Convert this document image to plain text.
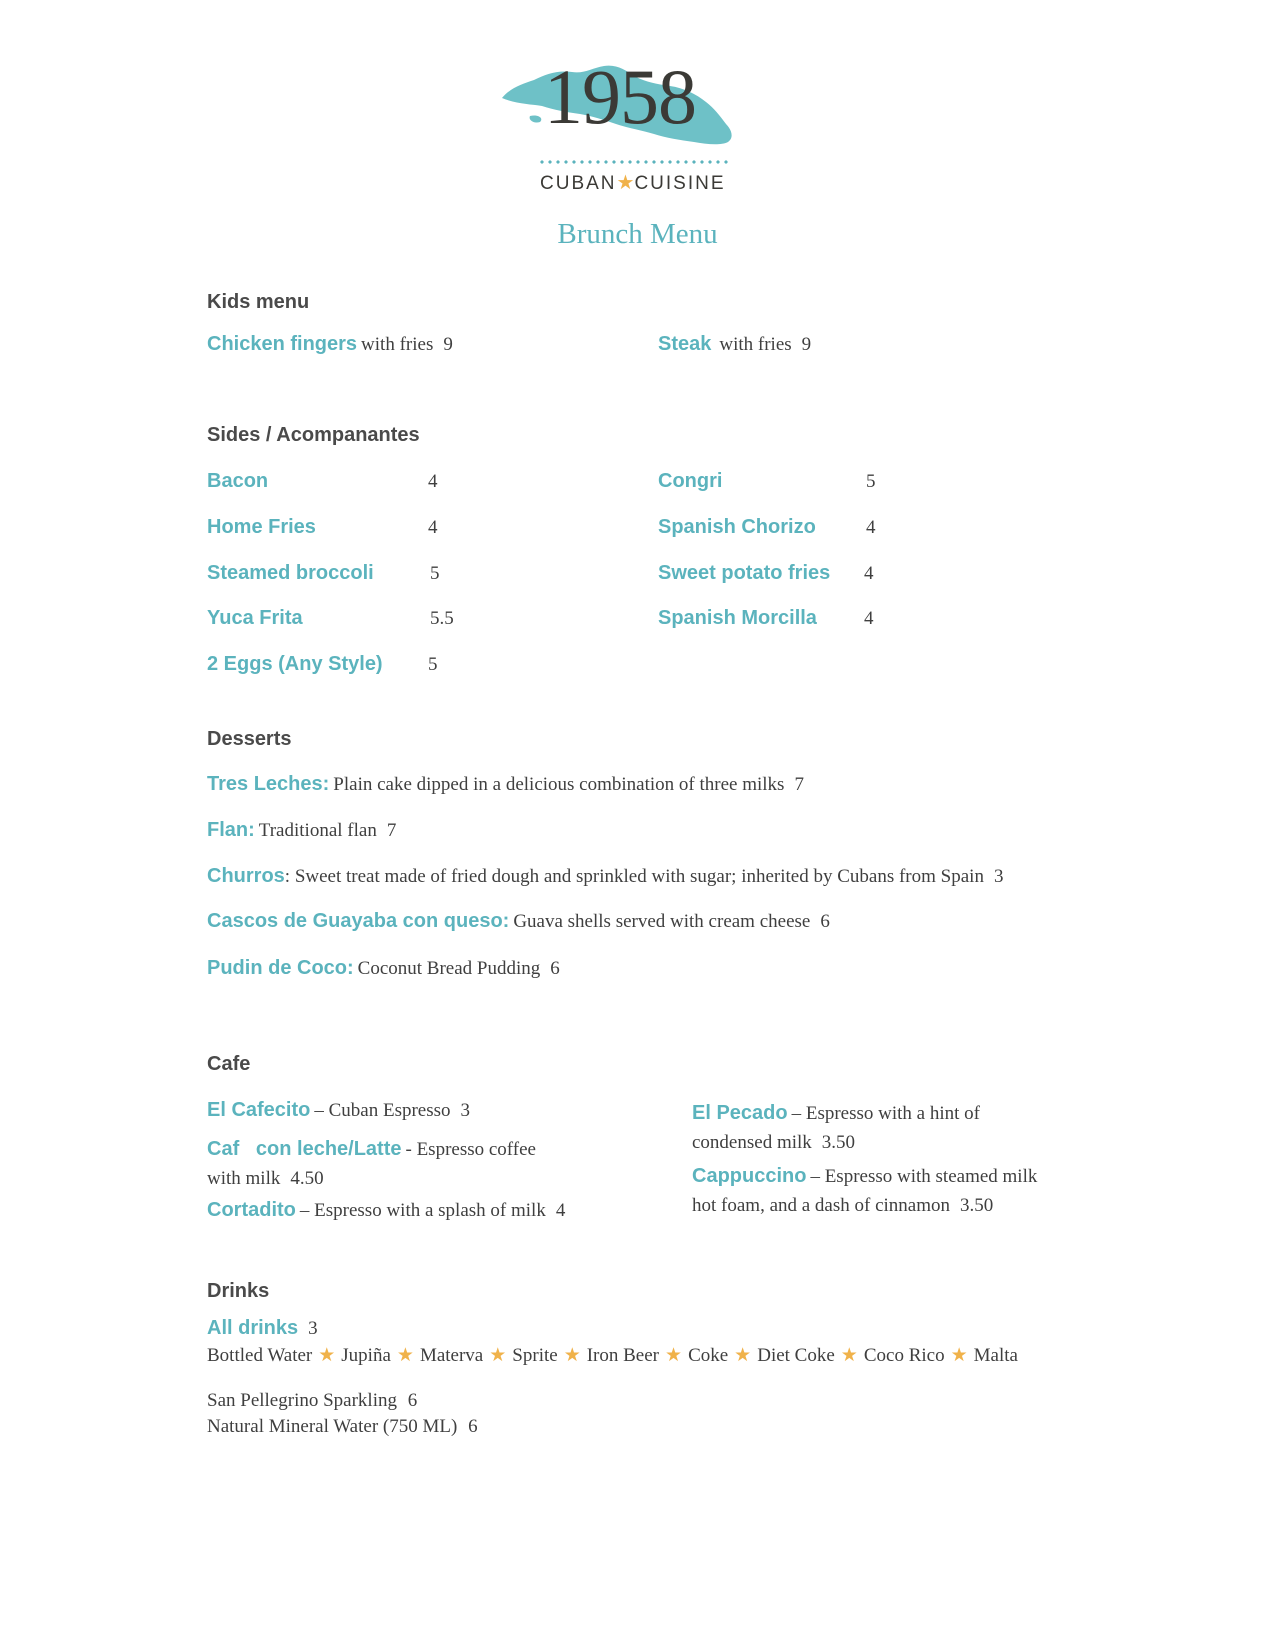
1958
CUBAN★CUISINE
Brunch Menu
Kids menu
Chicken fingers with fries 9	Steak with fries 9
Sides / Acompanantes
Bacon	4
Home Fries	4
Steamed broccoli	5
Yuca Frita	5.5
2 Eggs (Any Style) 5
Congri	5
Spanish Chorizo	4
Sweet potato fries 4
Spanish Morcilla 4
Desserts
Tres Leches: Plain cake dipped in a delicious combination of three milks 7
Flan: Traditional flan 7
Churros: Sweet treat made of fried dough and sprinkled with sugar; inherited by Cubans from Spain 3
Cascos de Guayaba con queso: Guava shells served with cream cheese 6
Pudin de Coco: Coconut Bread Pudding 6
Cafe
El Cafecito – Cuban Espresso 3
Caf   con leche/Latte - Espresso coffee
with milk 4.50
Cortadito – Espresso with a splash of milk 4
El Pecado – Espresso with a hint of
condensed milk 3.50
Cappuccino – Espresso with steamed milk
hot foam, and a dash of cinnamon 3.50
Drinks
All drinks 3
Bottled Water ★ Jupiña ★ Materva ★ Sprite ★ Iron Beer ★ Coke ★ Diet Coke ★ Coco Rico ★ Malta
San Pellegrino Sparkling 6
Natural Mineral Water (750 ML) 6
